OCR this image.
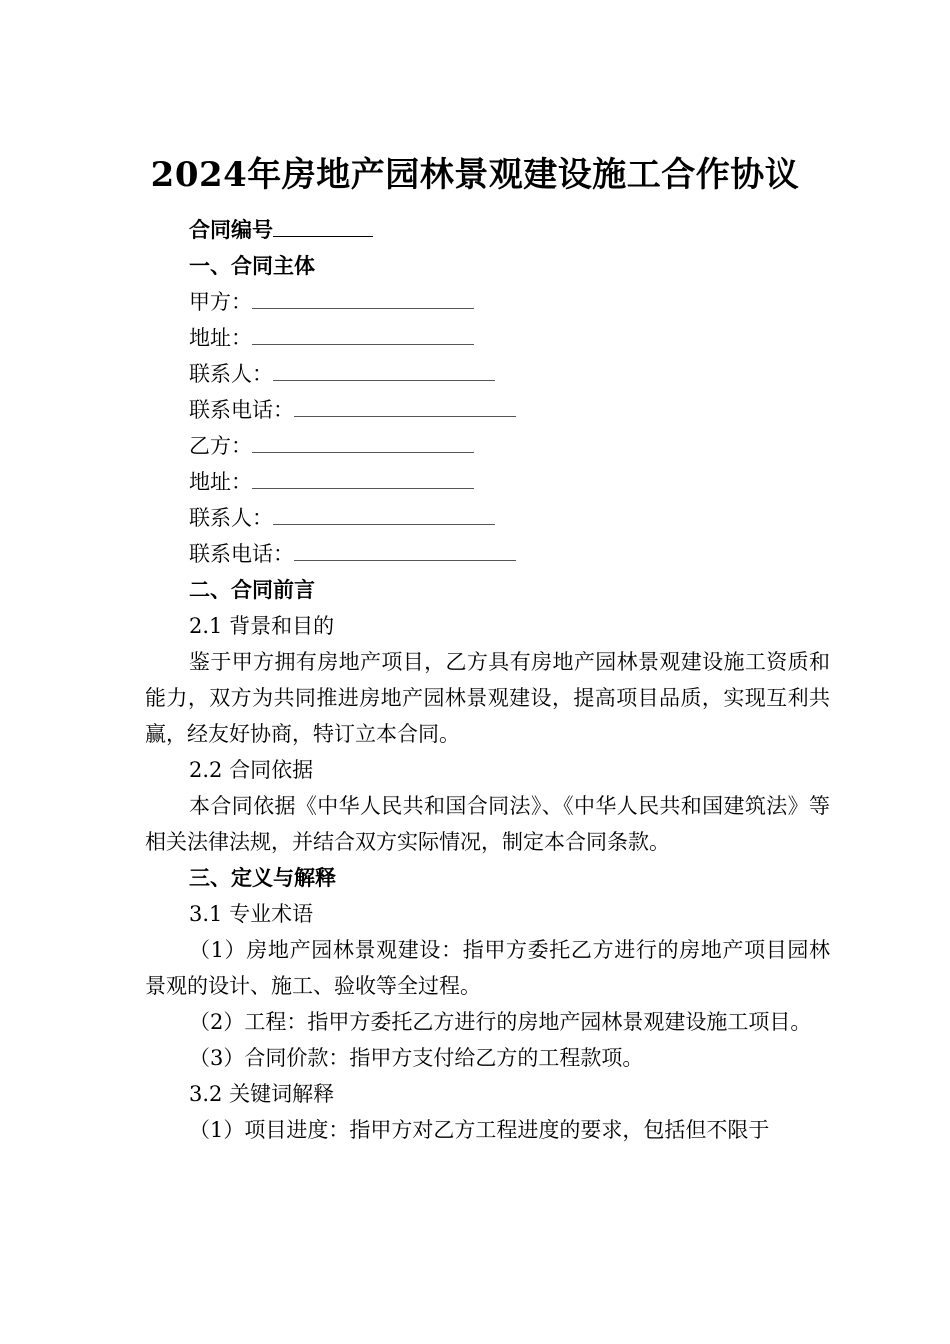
2024年房地产园林景观建设施工合作协议
合同编号
一、合同主体
甲方：
地址：
联系人：
联系电话：
乙方：
地址：
联系人：
联系电话：
二、合同前言
2.1 背景和目的
鉴于甲方拥有房地产项目，乙方具有房地产园林景观建设施工资质和能力，双方为共同推进房地产园林景观建设，提高项目品质，实现互利共赢，经友好协商，特订立本合同。
2.2 合同依据
本合同依据《中华人民共和国合同法》、《中华人民共和国建筑法》等相关法律法规，并结合双方实际情况，制定本合同条款。
三、定义与解释
3.1 专业术语
（1）房地产园林景观建设：指甲方委托乙方进行的房地产项目园林景观的设计、施工、验收等全过程。
（2）工程：指甲方委托乙方进行的房地产园林景观建设施工项目。
（3）合同价款：指甲方支付给乙方的工程款项。
3.2 关键词解释
（1）项目进度：指甲方对乙方工程进度的要求，包括但不限于
